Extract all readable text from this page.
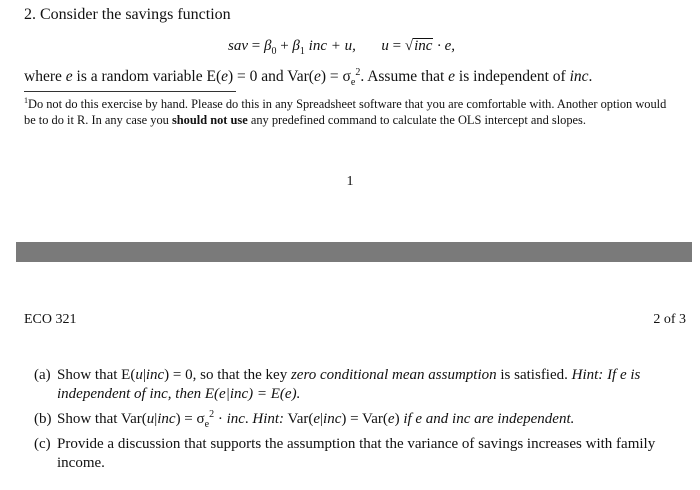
2. Consider the savings function
sav = $\beta_0 + \beta_1$ inc + u, u = √inc · e,
where e is a random variable E(e) = 0 and $Var(e) = \sigma_e^2$. Assume that e is independent of inc.
$^1$Do not do this exercise by hand. Please do this in any Spreadsheet software that you are comfortable with. Another option would be to do it R. In any case you should not use any predefined command to calculate the OLS intercept and slopes.
1
ECO 321	2 of 3
(a) Show that E(u|inc) = 0, so that the key zero conditional mean assumption is satisfied. Hint: If e is independent of inc, then E(e|inc) = E(e).
(b) Show that $Var(u|inc) = \sigma_e^2$ · inc. Hint: Var(e|inc) = Var(e) if e and inc are independent.
(c) Provide a discussion that supports the assumption that the variance of savings increases with family income.
